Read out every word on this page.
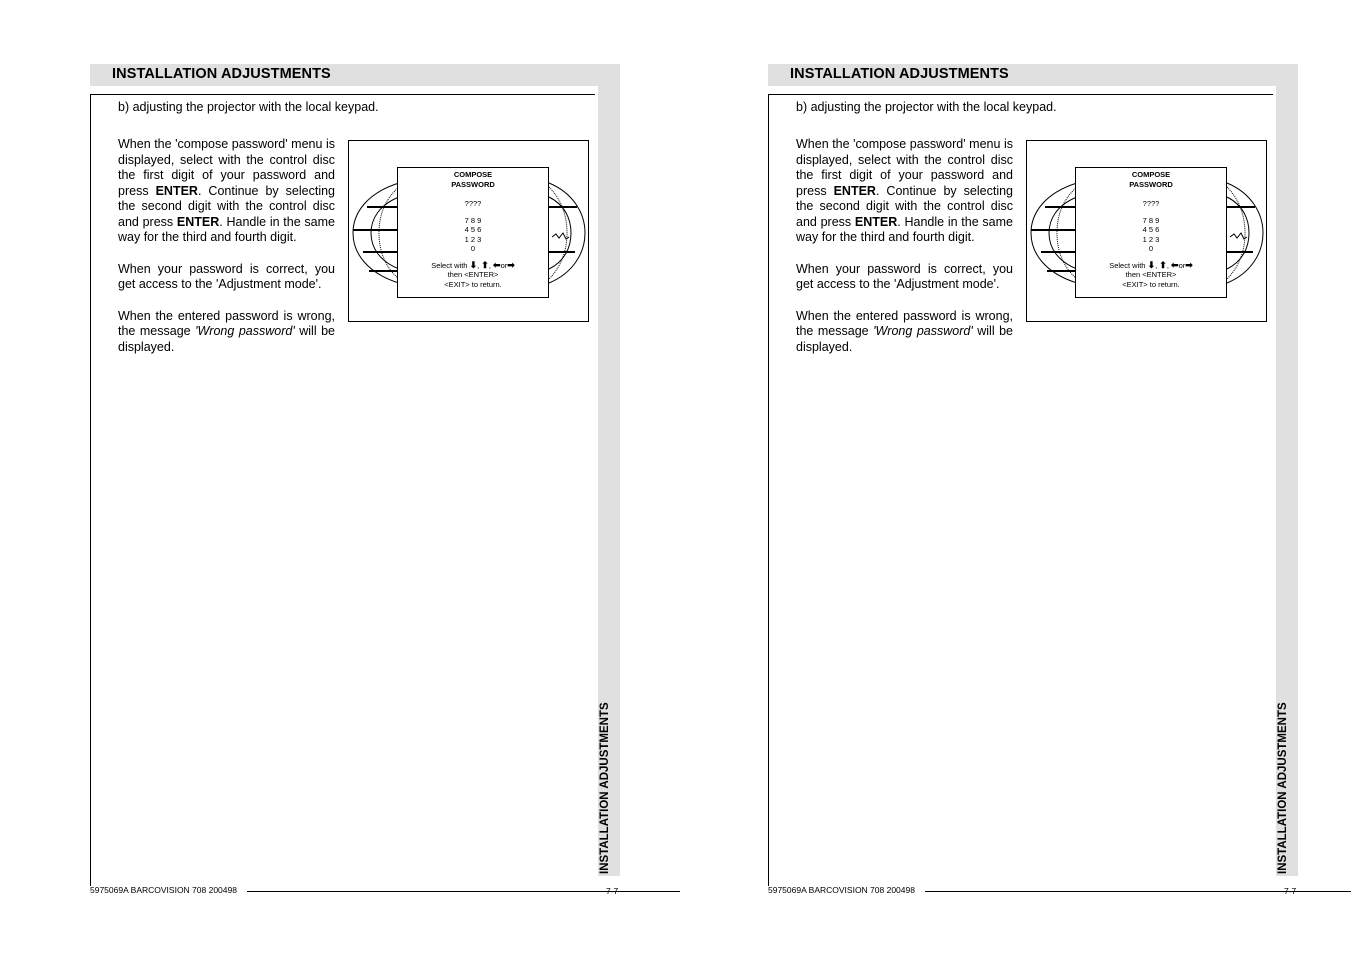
INSTALLATION ADJUSTMENTS
b) adjusting the projector with the local keypad.

When the 'compose password' menu is displayed, select with the control disc the first digit of your password and press ENTER. Continue by selecting the second digit with the control disc and press ENTER. Handle in the same way for the third and fourth digit.

When your password is correct, you get access to the 'Adjustment mode'.

When the entered password is wrong, the message 'Wrong password' will be displayed.

COMPOSE
PASSWORD
????
7 8 9
4 5 6
1 2 3
0
Select with ⬇, ⬆, ⬅or➡
then <ENTER>
<EXIT> to return.
INSTALLATION ADJUSTMENTS
5975069A BARCOVISION 708 200498	7-7
INSTALLATION ADJUSTMENTS
b) adjusting the projector with the local keypad.

When the 'compose password' menu is displayed, select with the control disc the first digit of your password and press ENTER. Continue by selecting the second digit with the control disc and press ENTER. Handle in the same way for the third and fourth digit.

When your password is correct, you get access to the 'Adjustment mode'.

When the entered password is wrong, the message 'Wrong password' will be displayed.

COMPOSE
PASSWORD
????
7 8 9
4 5 6
1 2 3
0
Select with ⬇, ⬆, ⬅or➡
then <ENTER>
<EXIT> to return.
INSTALLATION ADJUSTMENTS
5975069A BARCOVISION 708 200498	7-7
